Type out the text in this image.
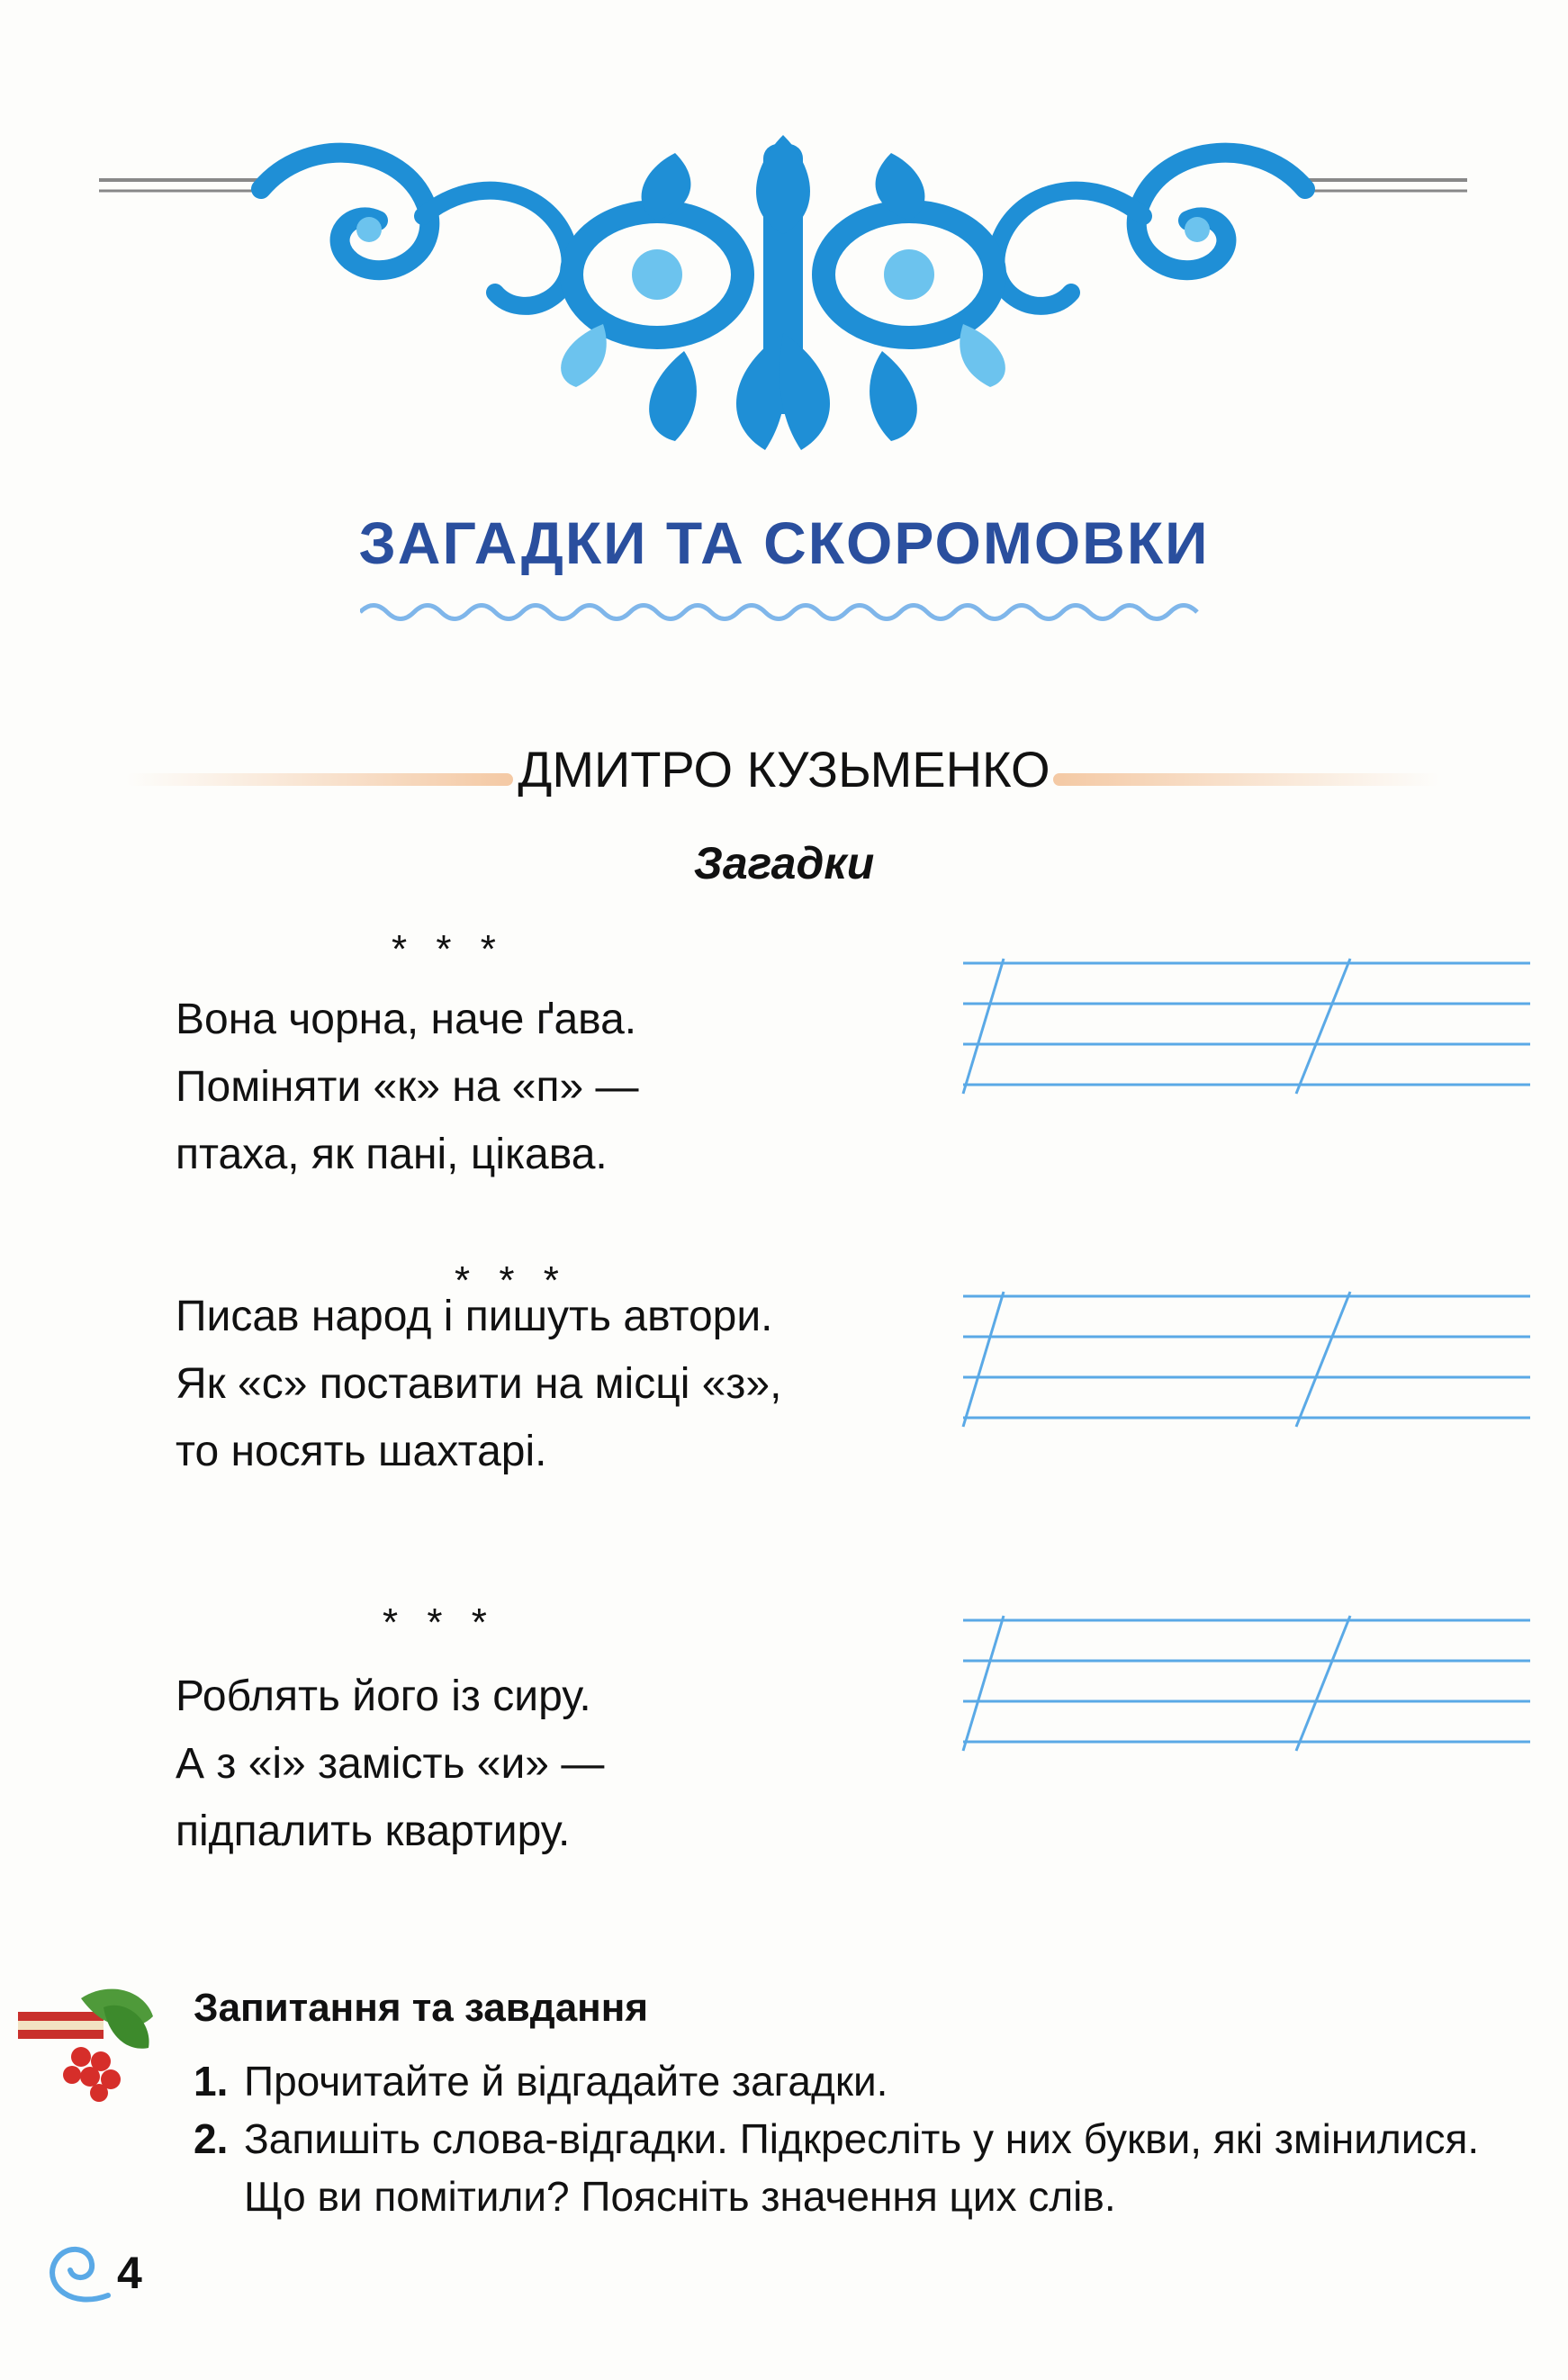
ЗАГАДКИ ТА СКОРОМОВКИ
ДМИТРО КУЗЬМЕНКО
Загадки
* * *
Вона чорна, наче ґава.
Поміняти «к» на «п» —
птаха, як пані, цікава.
* * *
Писав народ і пишуть автори.
Як «с» поставити на місці «з»,
то носять шахтарі.
* * *
Роблять його із сиру.
А з «і» замість «и» —
підпалить квартиру.
Запитання та завдання
1. Прочитайте й відгадайте загадки.
2. Запишіть слова-відгадки. Підкресліть у них букви, які змінилися. Що ви помітили? Поясніть значення цих слів.
4
